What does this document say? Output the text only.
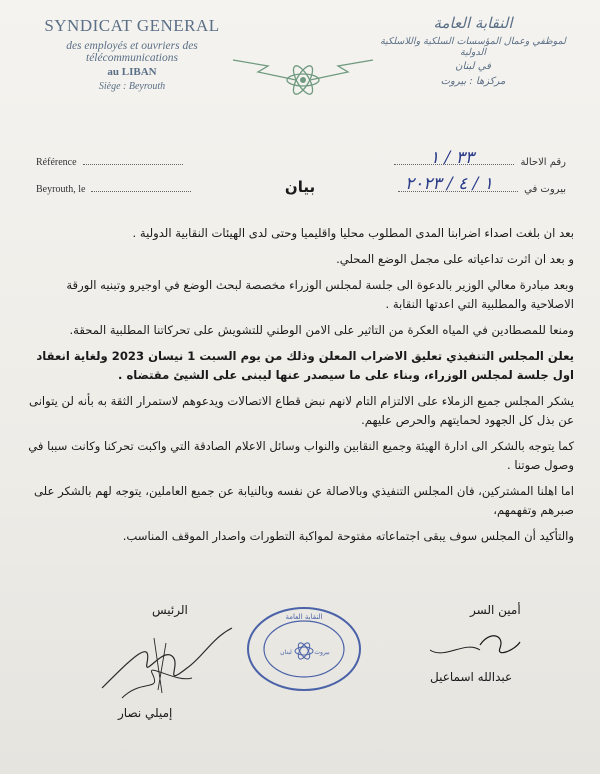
SYNDICAT GENERAL
des employés et ouvriers des télécommunications
au LIBAN
Siège : Beyrouth
النقابة العامة
لموظفي وعمال المؤسسات السلكية واللاسلكية الدولية
في لبنان
مركزها : بيروت
Référence
Beyrouth, le
رقم الاحالة
بيروت في
٣٣ / ١
١ / ٤ / ٢٠٢٣
بيان

بعد ان بلغت اصداء اضرابنا المدى المطلوب محليا واقليميا وحتى لدى الهيئات النقابية الدولية .

و بعد ان اثرت تداعياته على مجمل الوضع المحلي.

وبعد مبادرة معالي الوزير بالدعوة الى جلسة لمجلس الوزراء مخصصة لبحث الوضع في اوجيرو وتبنيه الورقة الاصلاحية والمطلبية التي اعدتها النقابة .

ومنعا للمصطادين في المياه العكرة من التاثير على الامن الوطني للتشويش على تحركاتنا المطلبية المحقة.

يعلن المجلس التنفيذي تعليق الاضراب المعلن وذلك من يوم السبت 1 نيسان 2023 ولغاية انعقاد اول جلسة لمجلس الوزراء، وبناء على ما سيصدر عنها ليبنى على الشيئ مقتضاه .

يشكر المجلس جميع الزملاء على الالتزام التام لانهم نبض قطاع الاتصالات ويدعوهم لاستمرار الثقة به بأنه لن يتوانى عن بذل كل الجهود لحمايتهم والحرص عليهم.

كما يتوجه بالشكر الى ادارة الهيئة وجميع النقابين والنواب وسائل الاعلام الصادقة التي واكبت تحركنا وكانت سببا في وصول صوتنا .

اما اهلنا المشتركين، فان المجلس التنفيذي وبالاصالة عن نفسه وبالنيابة عن جميع العاملين، يتوجه لهم بالشكر على صبرهم وتفهمهم،

والتأكيد أن المجلس سوف يبقى اجتماعاته مفتوحة لمواكبة التطورات واصدار الموقف المناسب.

الرئيس
إميلي نصار
أمين السر
عبدالله اسماعيل
النقابة العامة
بيروت
لبنان
